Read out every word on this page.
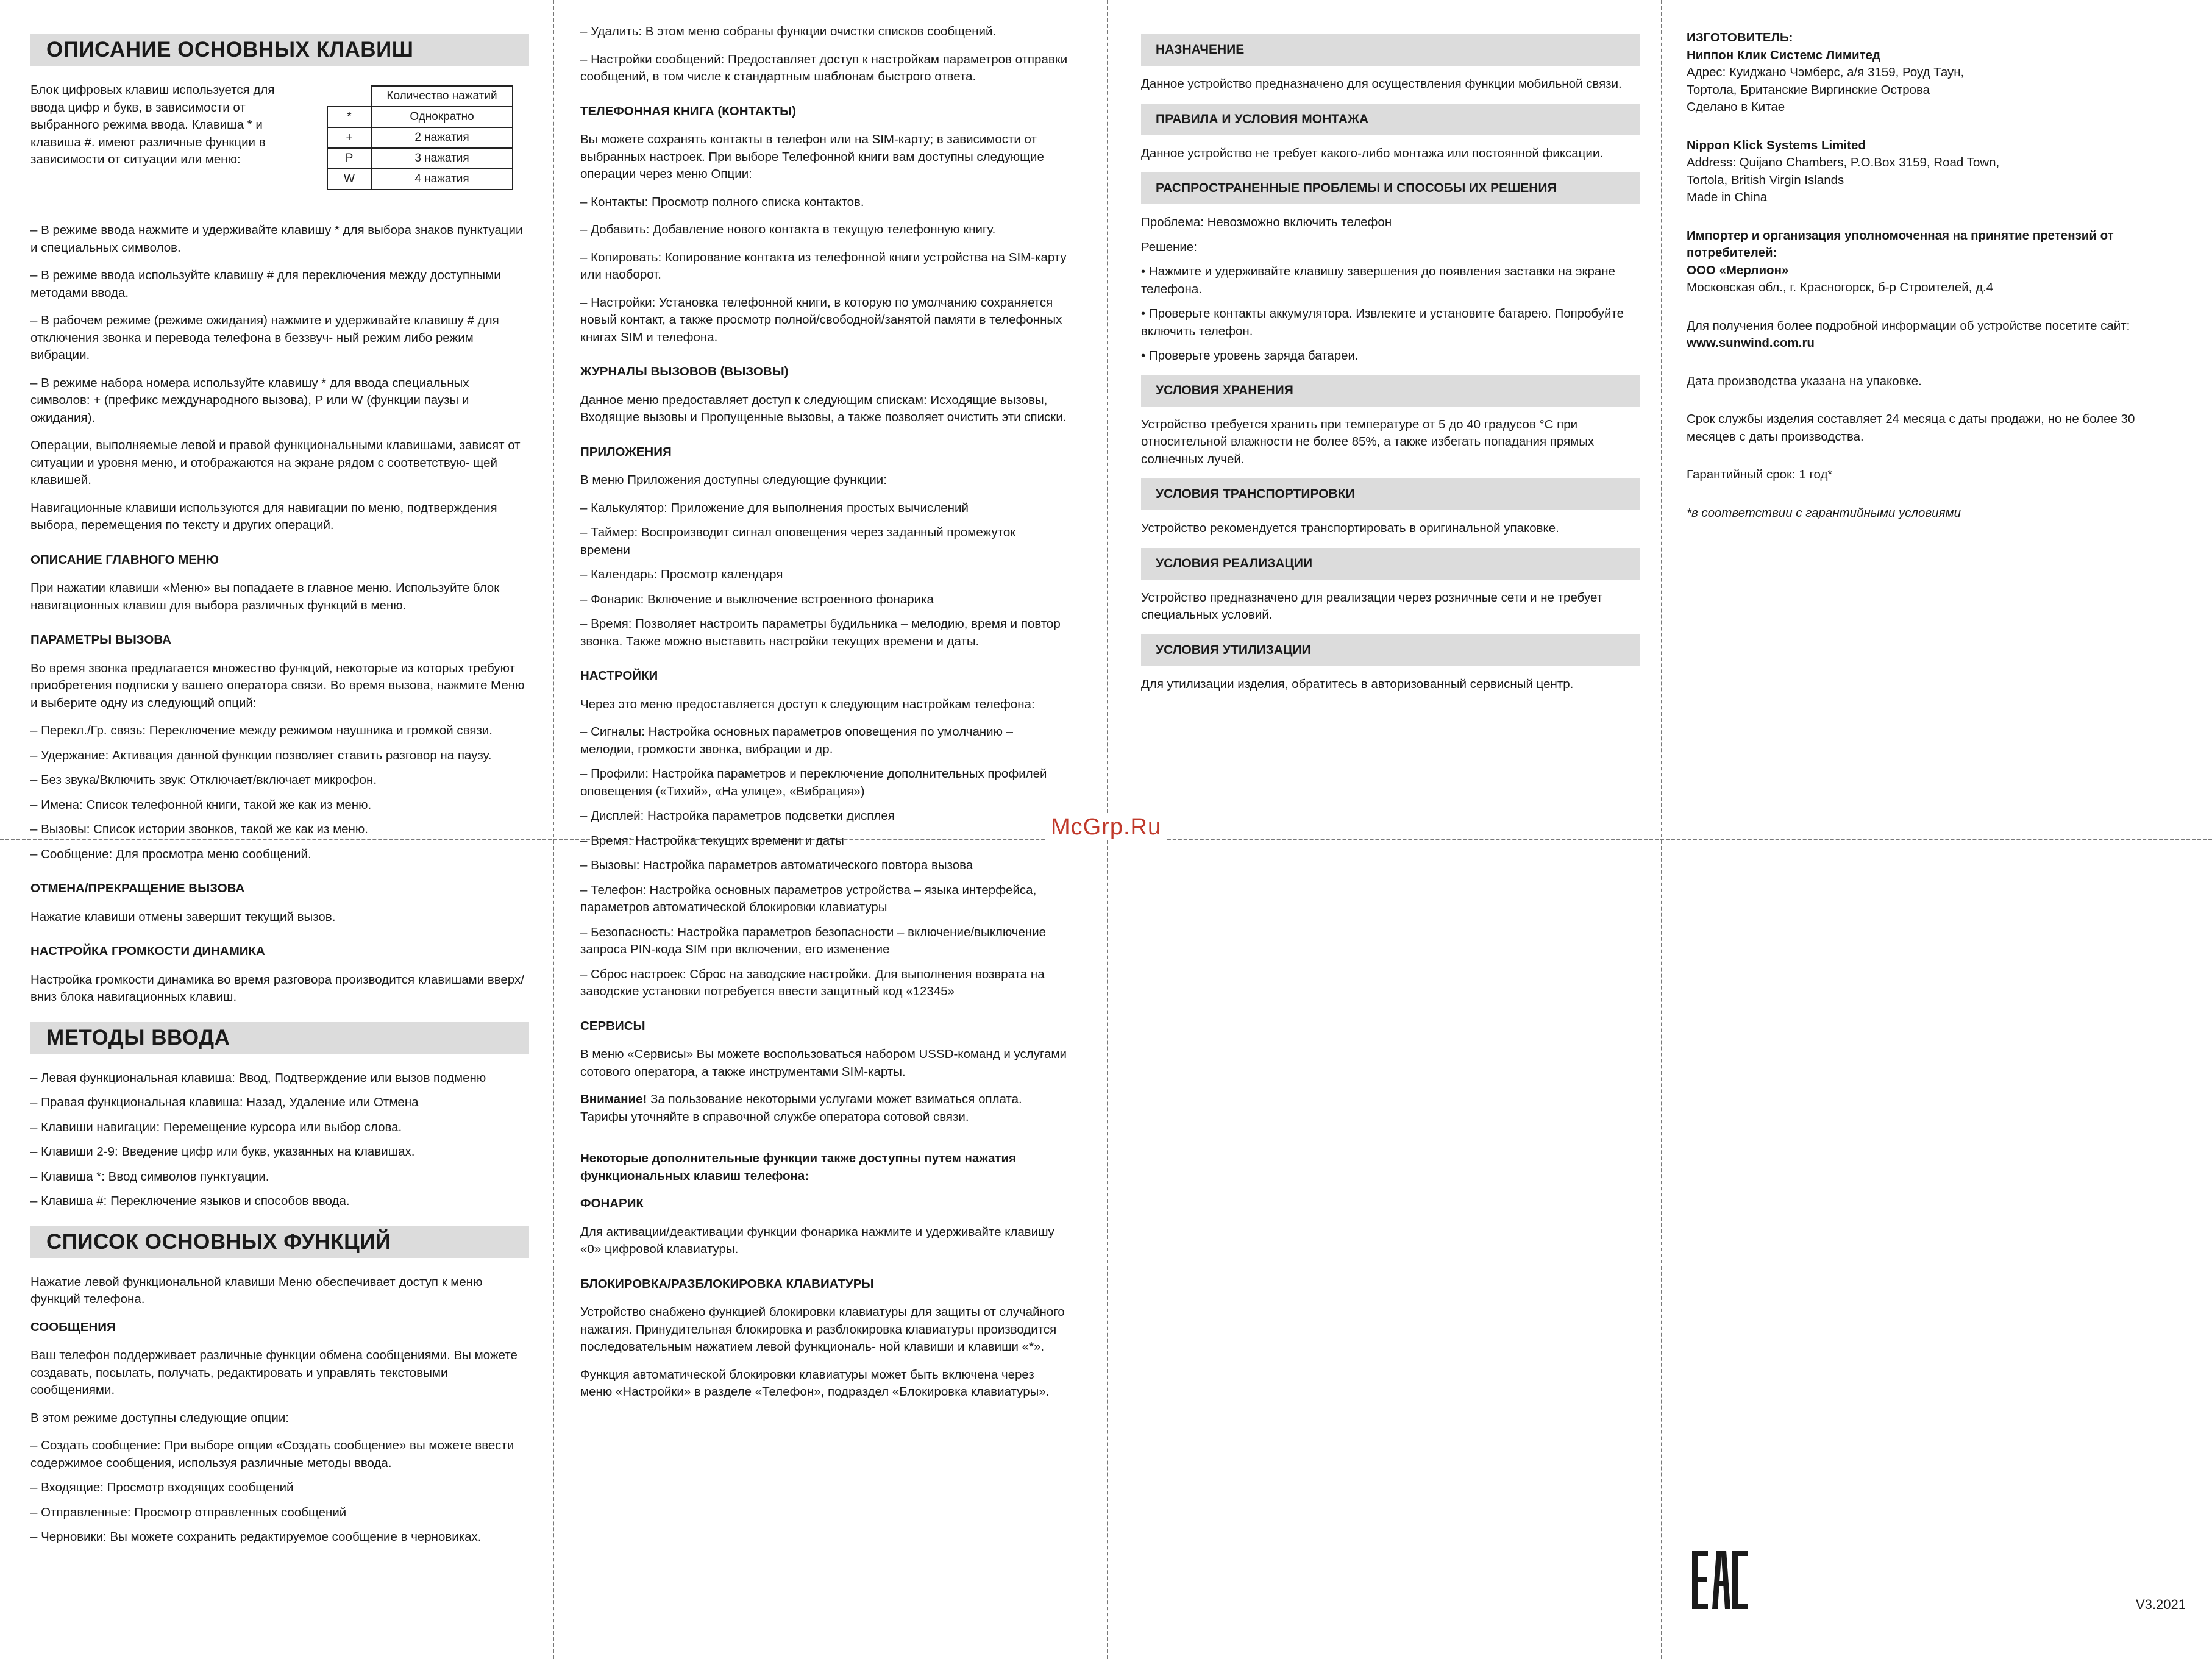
ОПИСАНИЕ ОСНОВНЫХ КЛАВИШ
Блок цифровых клавиш используется для ввода цифр и букв, в зависимости от выбранного режима ввода. Клавиша * и клавиша #. имеют различные функции в зависимости от ситуации или меню:
	Количество нажатий
*	Однократно
+	2 нажатия
P	3 нажатия
W	4 нажатия

– В режиме ввода нажмите и удерживайте клавишу * для выбора знаков пунктуации и специальных символов.

– В режиме ввода используйте клавишу # для переключения между доступными методами ввода.

– В рабочем режиме (режиме ожидания) нажмите и удерживайте клавишу # для отключения звонка и перевода телефона в беззвуч- ный режим либо режим вибрации.

– В режиме набора номера используйте клавишу * для ввода специальных символов: + (префикс международного вызова), P или W (функции паузы и ожидания).

Операции, выполняемые левой и правой функциональными клавишами, зависят от ситуации и уровня меню, и отображаются на экране рядом с соответствую- щей клавишей.

Навигационные клавиши используются для навигации по меню, подтверждения выбора, перемещения по тексту и других операций.

ОПИСАНИЕ ГЛАВНОГО МЕНЮ

При нажатии клавиши «Меню» вы попадаете в главное меню. Используйте блок навигационных клавиш для выбора различных функций в меню.

ПАРАМЕТРЫ ВЫЗОВА

Во время звонка предлагается множество функций, некоторые из которых требуют приобретения подписки у вашего оператора связи. Во время вызова, нажмите Меню и выберите одну из следующий опций:

– Перекл./Гр. связь: Переключение между режимом наушника и громкой связи.

– Удержание: Активация данной функции позволяет ставить разговор на паузу.

– Без звука/Включить звук: Отключает/включает микрофон.

– Имена: Список телефонной книги, такой же как из меню.

– Вызовы: Список истории звонков, такой же как из меню.

– Сообщение: Для просмотра меню сообщений.

ОТМЕНА/ПРЕКРАЩЕНИЕ ВЫЗОВА

Нажатие клавиши отмены завершит текущий вызов.

НАСТРОЙКА ГРОМКОСТИ ДИНАМИКА

Настройка громкости динамика во время разговора производится клавишами вверх/вниз блока навигационных клавиш.

МЕТОДЫ ВВОДА

– Левая функциональная клавиша: Ввод, Подтверждение или вызов подменю

– Правая функциональная клавиша: Назад, Удаление или Отмена

– Клавиши навигации: Перемещение курсора или выбор слова.

– Клавиши 2-9: Введение цифр или букв, указанных на клавишах.

– Клавиша *: Ввод символов пунктуации.

– Клавиша #: Переключение языков и способов ввода.

СПИСОК ОСНОВНЫХ ФУНКЦИЙ

Нажатие левой функциональной клавиши Меню обеспечивает доступ к меню функций телефона.

СООБЩЕНИЯ

Ваш телефон поддерживает различные функции обмена сообщениями. Вы можете создавать, посылать, получать, редактировать и управлять текстовыми сообщениями.

В этом режиме доступны следующие опции:

– Создать сообщение: При выборе опции «Создать сообщение» вы можете ввести содержимое сообщения, используя различные методы ввода.

– Входящие: Просмотр входящих сообщений

– Отправленные: Просмотр отправленных сообщений

– Черновики: Вы можете сохранить редактируемое сообщение в черновиках.

– Удалить: В этом меню собраны функции очистки списков сообщений.

– Настройки сообщений: Предоставляет доступ к настройкам параметров отправки сообщений, в том числе к стандартным шаблонам быстрого ответа.

ТЕЛЕФОННАЯ КНИГА (КОНТАКТЫ)

Вы можете сохранять контакты в телефон или на SIM-карту; в зависимости от выбранных настроек. При выборе Телефонной книги вам доступны следующие операции через меню Опции:

– Контакты: Просмотр полного списка контактов.

– Добавить: Добавление нового контакта в текущую телефонную книгу.

– Копировать: Копирование контакта из телефонной книги устройства на SIM-карту или наоборот.

– Настройки: Установка телефонной книги, в которую по умолчанию сохраняется новый контакт, а также просмотр полной/свободной/занятой памяти в телефонных книгах SIM и телефона.

ЖУРНАЛЫ ВЫЗОВОВ (ВЫЗОВЫ)

Данное меню предоставляет доступ к следующим спискам: Исходящие вызовы, Входящие вызовы и Пропущенные вызовы, а также позволяет очистить эти списки.

ПРИЛОЖЕНИЯ

В меню Приложения доступны следующие функции:

– Калькулятор: Приложение для выполнения простых вычислений

– Таймер: Воспроизводит сигнал оповещения через заданный промежуток времени

– Календарь: Просмотр календаря

– Фонарик: Включение и выключение встроенного фонарика

– Время: Позволяет настроить параметры будильника – мелодию, время и повтор звонка. Также можно выставить настройки текущих времени и даты.

НАСТРОЙКИ

Через это меню предоставляется доступ к следующим настройкам телефона:

– Сигналы: Настройка основных параметров оповещения по умолчанию – мелодии, громкости звонка, вибрации и др.

– Профили: Настройка параметров и переключение дополнительных профилей оповещения («Тихий», «На улице», «Вибрация»)

– Дисплей: Настройка параметров подсветки дисплея

– Время: Настройка текущих времени и даты

– Вызовы: Настройка параметров автоматического повтора вызова

– Телефон: Настройка основных параметров устройства – языка интерфейса, параметров автоматической блокировки клавиатуры

– Безопасность: Настройка параметров безопасности – включение/выключение запроса PIN-кода SIM при включении, его изменение

– Сброс настроек: Сброс на заводские настройки. Для выполнения возврата на заводские установки потребуется ввести защитный код «12345»

СЕРВИСЫ

В меню «Сервисы» Вы можете воспользоваться набором USSD-команд и услугами сотового оператора, а также инструментами SIM-карты.

Внимание! За пользование некоторыми услугами может взиматься оплата. Тарифы уточняйте в справочной службе оператора сотовой связи.

Некоторые дополнительные функции также доступны путем нажатия функциональных клавиш телефона:

ФОНАРИК

Для активации/деактивации функции фонарика нажмите и удерживайте клавишу «0» цифровой клавиатуры.

БЛОКИРОВКА/РАЗБЛОКИРОВКА КЛАВИАТУРЫ

Устройство снабжено функцией блокировки клавиатуры для защиты от случайного нажатия. Принудительная блокировка и разблокировка клавиатуры производится последовательным нажатием левой функциональ- ной клавиши и клавиши «*».

Функция автоматической блокировки клавиатуры может быть включена через меню «Настройки» в разделе «Телефон», подраздел «Блокировка клавиатуры».

НАЗНАЧЕНИЕ

Данное устройство предназначено для осуществления функции мобильной связи.

ПРАВИЛА И УСЛОВИЯ МОНТАЖА

Данное устройство не требует какого-либо монтажа или постоянной фиксации.

РАСПРОСТРАНЕННЫЕ ПРОБЛЕМЫ И СПОСОБЫ ИХ РЕШЕНИЯ

Проблема: Невозможно включить телефон

Решение:

• Нажмите и удерживайте клавишу завершения до появления заставки на экране телефона.

• Проверьте контакты аккумулятора. Извлеките и установите батарею. Попробуйте включить телефон.

• Проверьте уровень заряда батареи.

УСЛОВИЯ ХРАНЕНИЯ

Устройство требуется хранить при температуре от 5 до 40 градусов °C при относительной влажности не более 85%, а также избегать попадания прямых солнечных лучей.

УСЛОВИЯ ТРАНСПОРТИРОВКИ

Устройство рекомендуется транспортировать в оригинальной упаковке.

УСЛОВИЯ РЕАЛИЗАЦИИ

Устройство предназначено для реализации через розничные сети и не требует специальных условий.

УСЛОВИЯ УТИЛИЗАЦИИ

Для утилизации изделия, обратитесь в авторизованный сервисный центр.

ИЗГОТОВИТЕЛЬ:
Ниппон Клик Системс Лимитед
Адрес: Куиджано Чэмберс, а/я 3159, Роуд Таун,
Тортола, Британские Виргинские Острова
Сделано в Китае
Nippon Klick Systems Limited
Address: Quijano Chambers, P.O.Box 3159, Road Town,
Tortola, British Virgin Islands
Made in China
Импортер и организация уполномоченная на принятие претензий от потребителей:
ООО «Мерлион»
Московская обл., г. Красногорск, б-р Строителей, д.4
Для получения более подробной информации об устройстве посетите сайт:
www.sunwind.com.ru
Дата производства указана на упаковке.
Срок службы изделия составляет 24 месяца с даты продажи, но не более 30 месяцев с даты производства.
Гарантийный срок: 1 год*
*в соответствии с гарантийными условиями
V3.2021
McGrp.Ru
